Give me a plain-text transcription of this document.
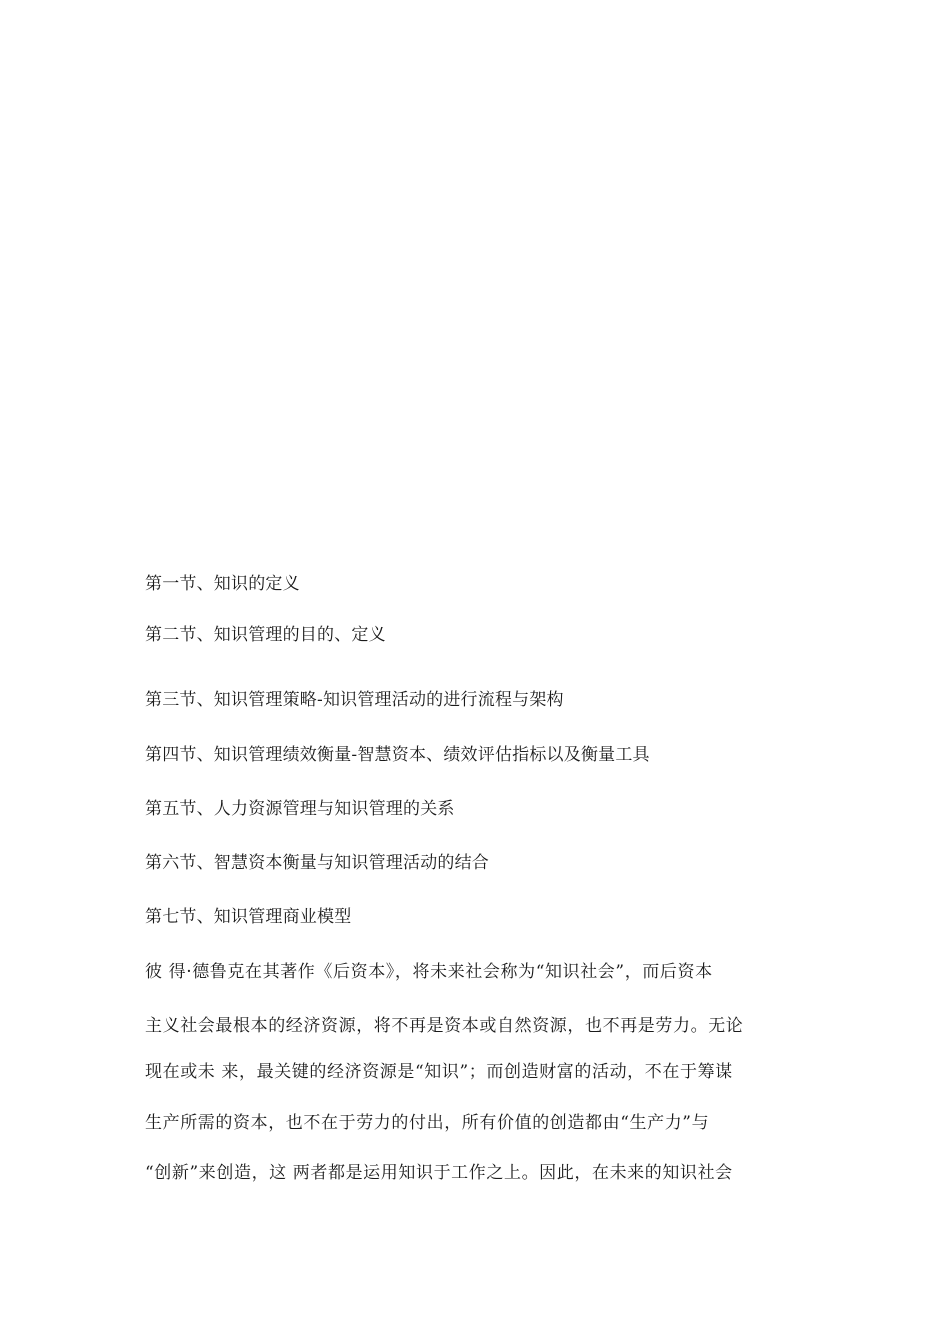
第一节、知识的定义
第二节、知识管理的目的、定义
第三节、知识管理策略-知识管理活动的进行流程与架构
第四节、知识管理绩效衡量-智慧资本、绩效评估指标以及衡量工具
第五节、人力资源管理与知识管理的关系
第六节、智慧资本衡量与知识管理活动的结合
第七节、知识管理商业模型
彼 得·德鲁克在其著作《后资本》，将未来社会称为“知识社会”，而后资本
主义社会最根本的经济资源，将不再是资本或自然资源，也不再是劳力。无论
现在或未 来，最关键的经济资源是“知识”；而创造财富的活动，不在于筹谋
生产所需的资本，也不在于劳力的付出，所有价值的创造都由“生产力”与
“创新”来创造，这 两者都是运用知识于工作之上。因此，在未来的知识社会
